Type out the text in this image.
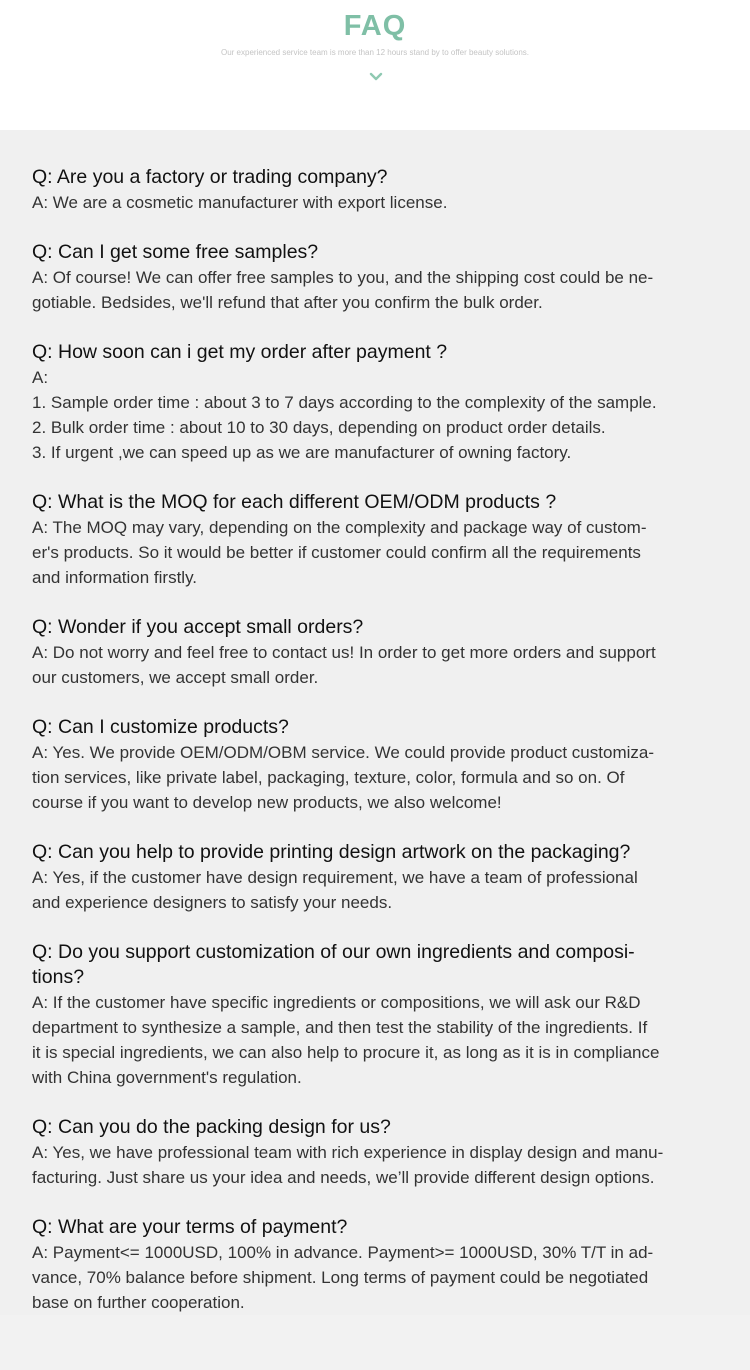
FAQ
Our experienced service team is more than 12 hours stand by to offer beauty solutions.

Q: Are you a factory or trading company?

A: We are a cosmetic manufacturer with export license.

Q: Can I get some free samples?

A: Of course! We can offer free samples to you, and the shipping cost could be ne-
gotiable. Bedsides, we'll refund that after you confirm the bulk order.

Q: How soon can i get my order after payment ?

A:
1. Sample order time : about 3 to 7 days according to the complexity of the sample.
2. Bulk order time : about 10 to 30 days, depending on product order details.
3. If urgent ,we can speed up as we are manufacturer of owning factory.

Q: What is the MOQ for each different OEM/ODM products ?

A: The MOQ may vary, depending on the complexity and package way of custom-
er's products. So it would be better if customer could confirm all the requirements
and information firstly.

Q: Wonder if you accept small orders?

A: Do not worry and feel free to contact us! In order to get more orders and support
our customers, we accept small order.

Q: Can I customize products?

A: Yes. We provide OEM/ODM/OBM service. We could provide product customiza-
tion services, like private label, packaging, texture, color, formula and so on. Of
course if you want to develop new products, we also welcome!

Q: Can you help to provide printing design artwork on the packaging?

A: Yes, if the customer have design requirement, we have a team of professional
and experience designers to satisfy your needs.

Q: Do you support customization of our own ingredients and composi-
tions?

A: If the customer have specific ingredients or compositions, we will ask our R&D
department to synthesize a sample, and then test the stability of the ingredients. If
it is special ingredients, we can also help to procure it, as long as it is in compliance
with China government's regulation.

Q: Can you do the packing design for us?

A: Yes, we have professional team with rich experience in display design and manu-
facturing. Just share us your idea and needs, we’ll provide different design options.

Q: What are your terms of payment?

A: Payment<= 1000USD, 100% in advance. Payment>= 1000USD, 30% T/T in ad-
vance, 70% balance before shipment. Long terms of payment could be negotiated
base on further cooperation.
